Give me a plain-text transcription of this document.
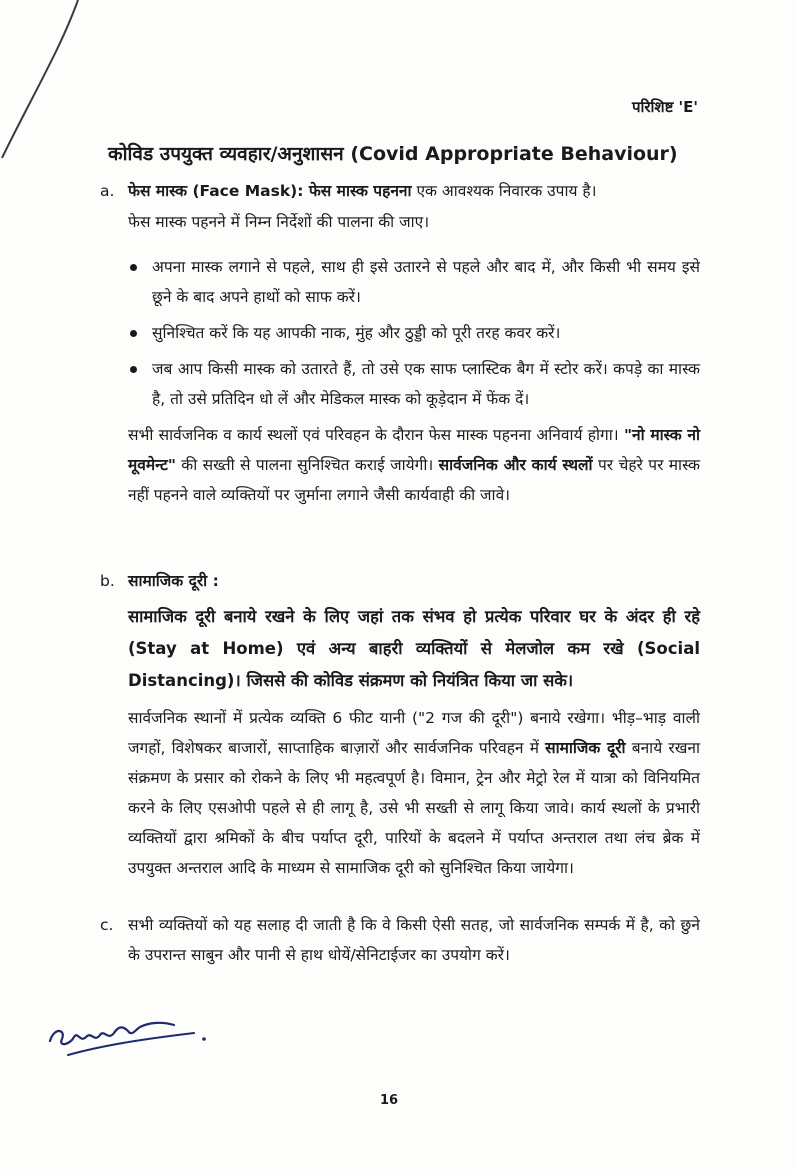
परिशिष्ट 'E'
कोविड उपयुक्त व्यवहार/अनुशासन (Covid Appropriate Behaviour)
a. फेस मास्क (Face Mask): फेस मास्क पहनना एक आवश्यक निवारक उपाय है।
फेस मास्क पहनने में निम्न निर्देशों की पालना की जाए।
अपना मास्क लगाने से पहले, साथ ही इसे उतारने से पहले और बाद में, और किसी भी समय इसे छूने के बाद अपने हाथों को साफ करें।
सुनिश्चित करें कि यह आपकी नाक, मुंह और ठुड्डी को पूरी तरह कवर करें।
जब आप किसी मास्क को उतारते हैं, तो उसे एक साफ प्लास्टिक बैग में स्टोर करें। कपड़े का मास्क है, तो उसे प्रतिदिन धो लें और मेडिकल मास्क को कूड़ेदान में फेंक दें।
सभी सार्वजनिक व कार्य स्थलों एवं परिवहन के दौरान फेस मास्क पहनना अनिवार्य होगा। "नो मास्क नो मूवमेन्ट" की सख्ती से पालना सुनिश्चित कराई जायेगी। सार्वजनिक और कार्य स्थलों पर चेहरे पर मास्क नहीं पहनने वाले व्यक्तियों पर जुर्माना लगाने जैसी कार्यवाही की जावे।
b. सामाजिक दूरी :
सामाजिक दूरी बनाये रखने के लिए जहां तक संभव हो प्रत्येक परिवार घर के अंदर ही रहे (Stay at Home) एवं अन्य बाहरी व्यक्तियों से मेलजोल कम रखे (Social Distancing)। जिससे की कोविड संक्रमण को नियंत्रित किया जा सके।
सार्वजनिक स्थानों में प्रत्येक व्यक्ति 6 फीट यानी ("2 गज की दूरी") बनाये रखेगा। भीड़–भाड़ वाली जगहों, विशेषकर बाजारों, साप्ताहिक बाज़ारों और सार्वजनिक परिवहन में सामाजिक दूरी बनाये रखना संक्रमण के प्रसार को रोकने के लिए भी महत्वपूर्ण है। विमान, ट्रेन और मेट्रो रेल में यात्रा को विनियमित करने के लिए एसओपी पहले से ही लागू है, उसे भी सख्ती से लागू किया जावे। कार्य स्थलों के प्रभारी व्यक्तियों द्वारा श्रमिकों के बीच पर्याप्त दूरी, पारियों के बदलने में पर्याप्त अन्तराल तथा लंच ब्रेक में उपयुक्त अन्तराल आदि के माध्यम से सामाजिक दूरी को सुनिश्चित किया जायेगा।
c. सभी व्यक्तियों को यह सलाह दी जाती है कि वे किसी ऐसी सतह, जो सार्वजनिक सम्पर्क में है, को छुने के उपरान्त साबुन और पानी से हाथ धोयें/सेनिटाईजर का उपयोग करें।
16
